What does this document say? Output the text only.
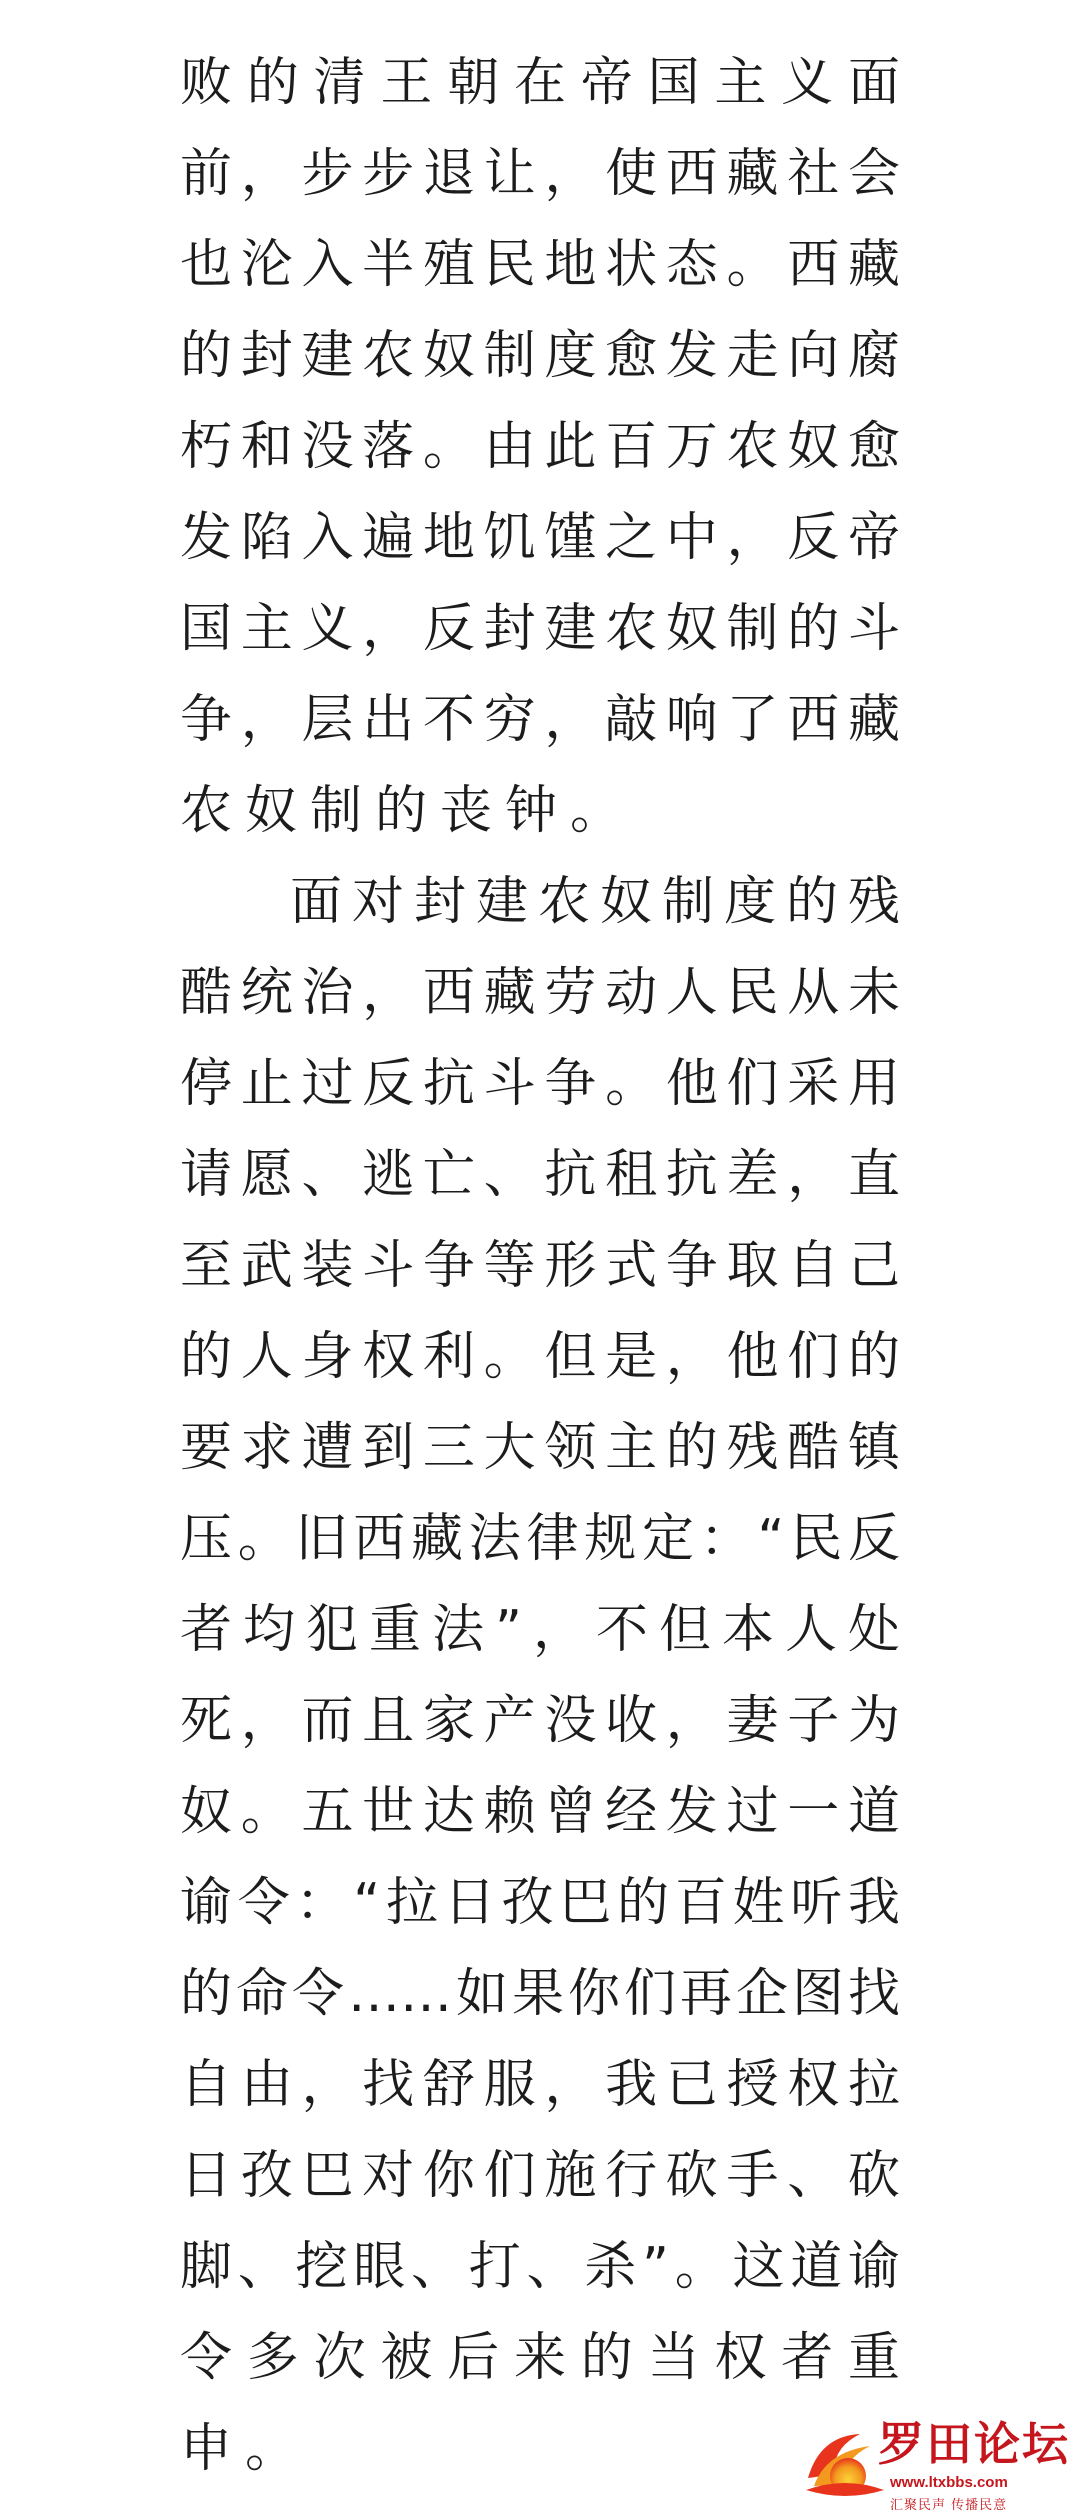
败的清王朝在帝国主义面
前，步步退让，使西藏社会
也沦入半殖民地状态。西藏
的封建农奴制度愈发走向腐
朽和没落。由此百万农奴愈
发陷入遍地饥馑之中，反帝
国主义，反封建农奴制的斗
争，层出不穷，敲响了西藏
农奴制的丧钟。
面对封建农奴制度的残
酷统治，西藏劳动人民从未
停止过反抗斗争。他们采用
请愿、逃亡、抗租抗差，直
至武装斗争等形式争取自己
的人身权利。但是，他们的
要求遭到三大领主的残酷镇
压。旧西藏法律规定：“民反
者均犯重法”，不但本人处
死，而且家产没收，妻子为
奴。五世达赖曾经发过一道
谕令：“拉日孜巴的百姓听我
的命令……如果你们再企图找
自由，找舒服，我已授权拉
日孜巴对你们施行砍手、砍
脚、挖眼、打、杀”。这道谕
令多次被后来的当权者重
申。	罗田论坛
www.ltxbbs.com
汇聚民声 传播民意
